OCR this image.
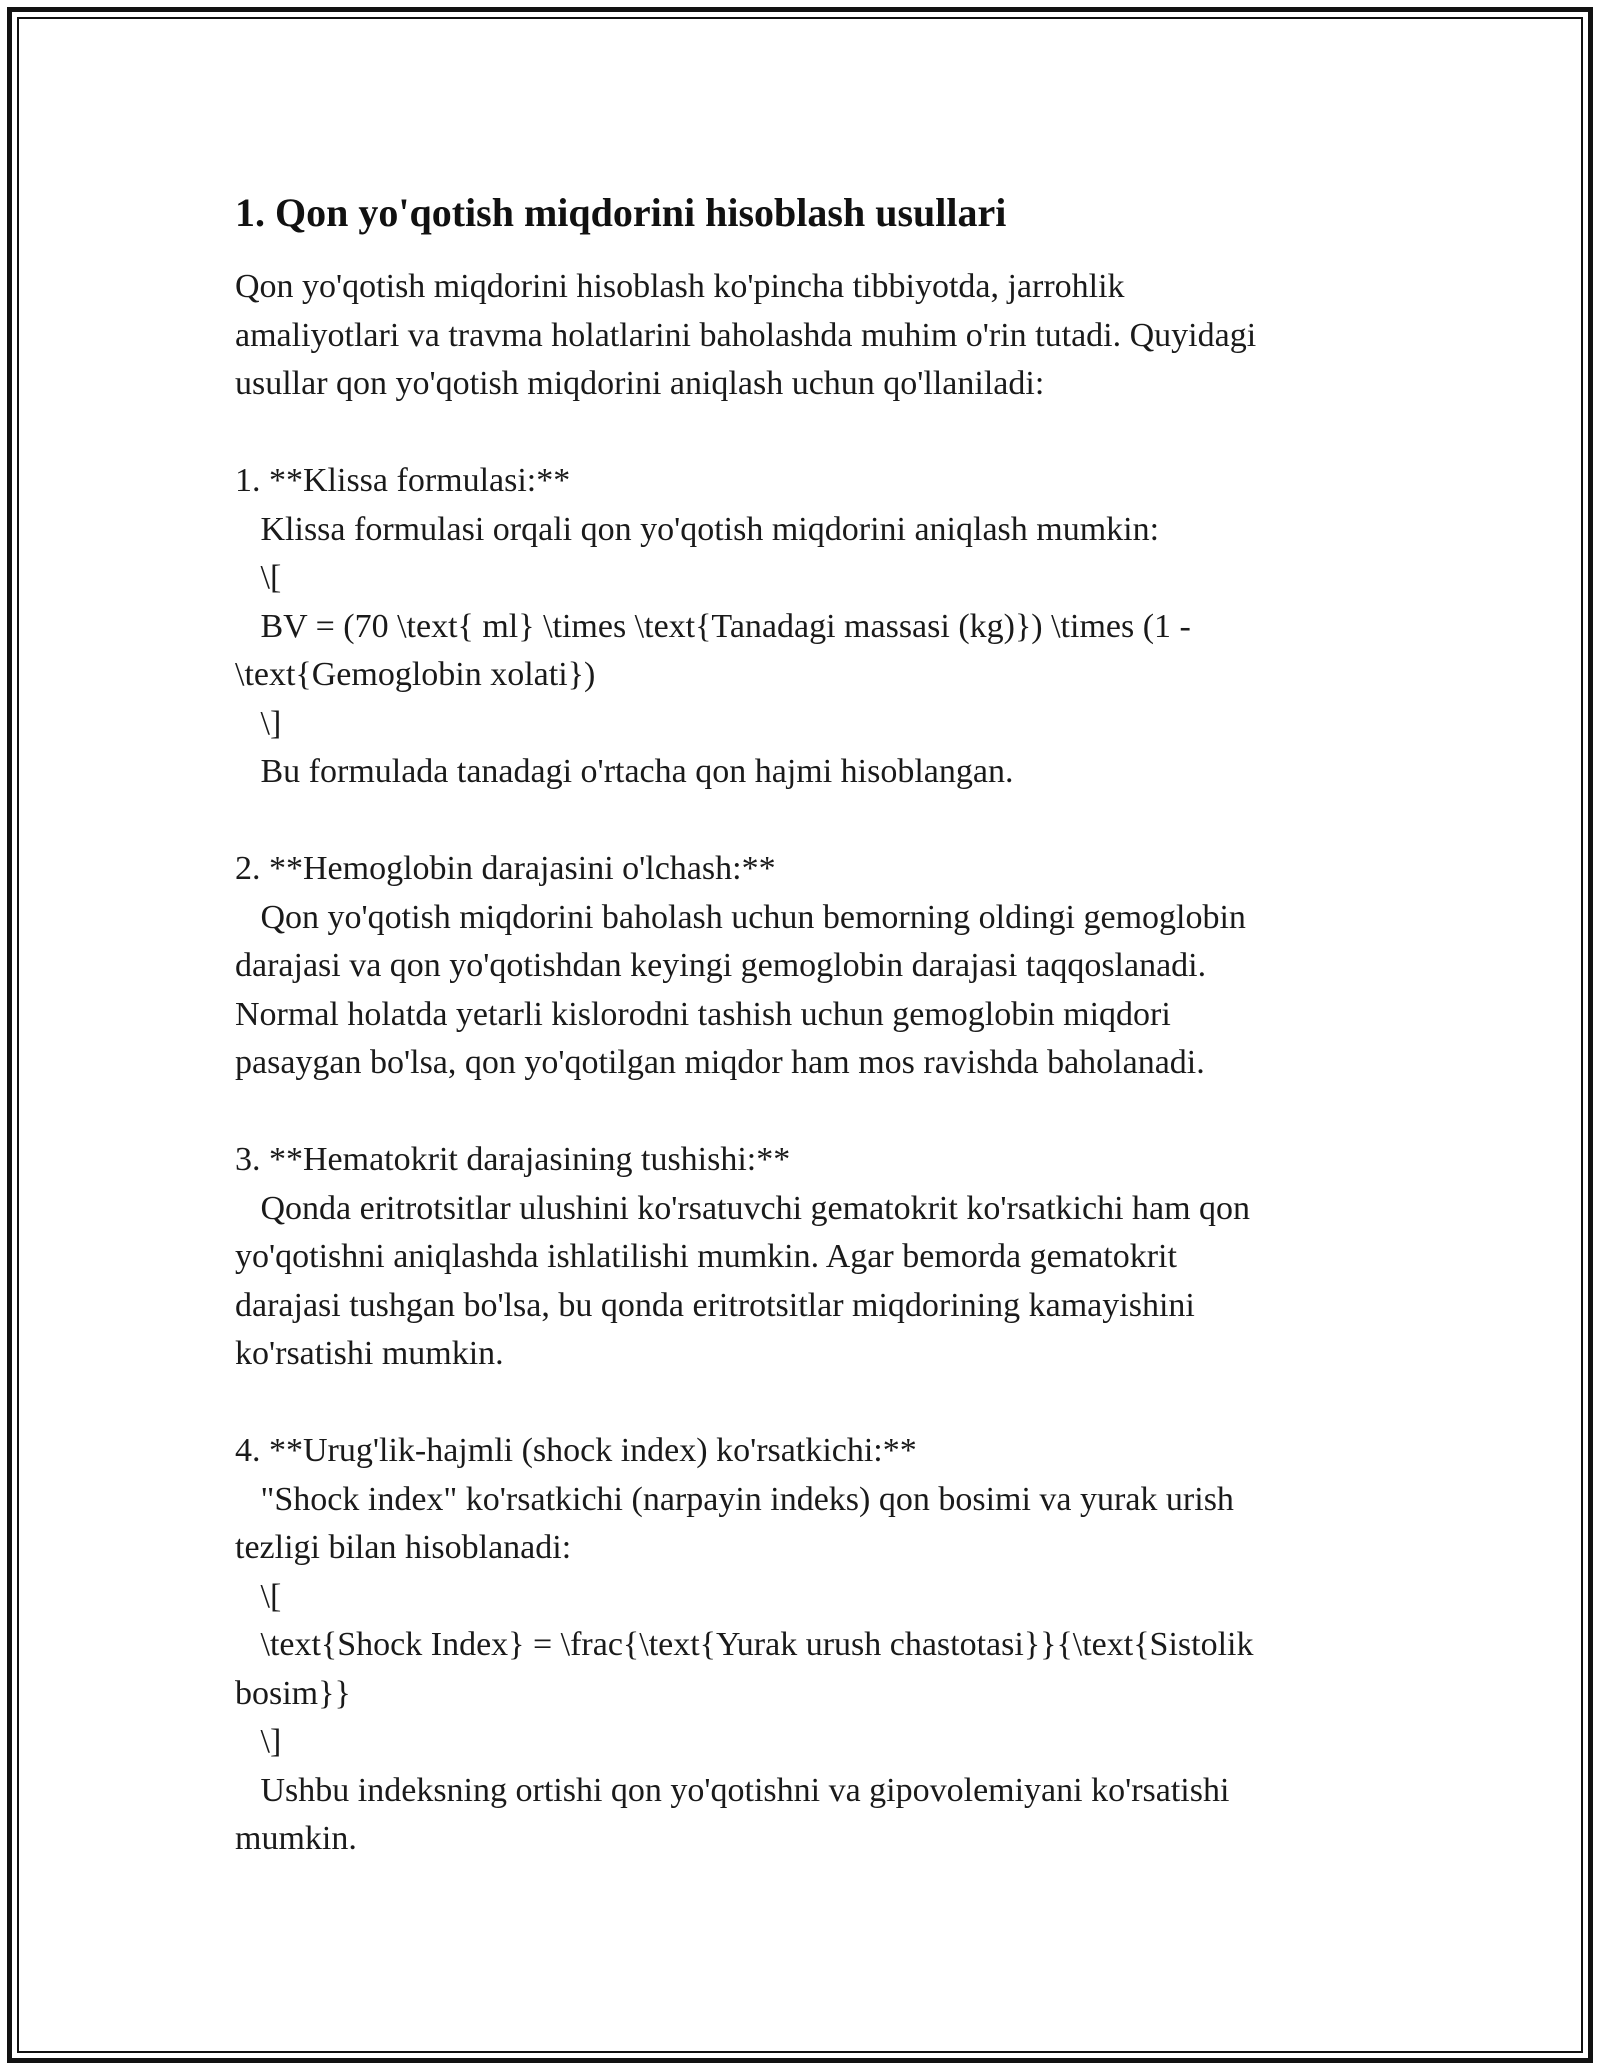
1. Qon yo'qotish miqdorini hisoblash usullari

Qon yo'qotish miqdorini hisoblash ko'pincha tibbiyotda, jarrohlik
amaliyotlari va travma holatlarini baholashda muhim o'rin tutadi. Quyidagi
usullar qon yo'qotish miqdorini aniqlash uchun qo'llaniladi:

1. **Klissa formulasi:**
Klissa formulasi orqali qon yo'qotish miqdorini aniqlash mumkin:
\[
BV = (70 \text{ ml} \times \text{Tanadagi massasi (kg)}) \times (1 -
\text{Gemoglobin xolati})
\]
Bu formulada tanadagi o'rtacha qon hajmi hisoblangan.

2. **Hemoglobin darajasini o'lchash:**
Qon yo'qotish miqdorini baholash uchun bemorning oldingi gemoglobin
darajasi va qon yo'qotishdan keyingi gemoglobin darajasi taqqoslanadi.
Normal holatda yetarli kislorodni tashish uchun gemoglobin miqdori
pasaygan bo'lsa, qon yo'qotilgan miqdor ham mos ravishda baholanadi.

3. **Hematokrit darajasining tushishi:**
Qonda eritrotsitlar ulushini ko'rsatuvchi gematokrit ko'rsatkichi ham qon
yo'qotishni aniqlashda ishlatilishi mumkin. Agar bemorda gematokrit
darajasi tushgan bo'lsa, bu qonda eritrotsitlar miqdorining kamayishini
ko'rsatishi mumkin.

4. **Urug'lik-hajmli (shock index) ko'rsatkichi:**
"Shock index" ko'rsatkichi (narpayin indeks) qon bosimi va yurak urish
tezligi bilan hisoblanadi:
\[
\text{Shock Index} = \frac{\text{Yurak urush chastotasi}}{\text{Sistolik
bosim}}
\]
Ushbu indeksning ortishi qon yo'qotishni va gipovolemiyani ko'rsatishi
mumkin.
